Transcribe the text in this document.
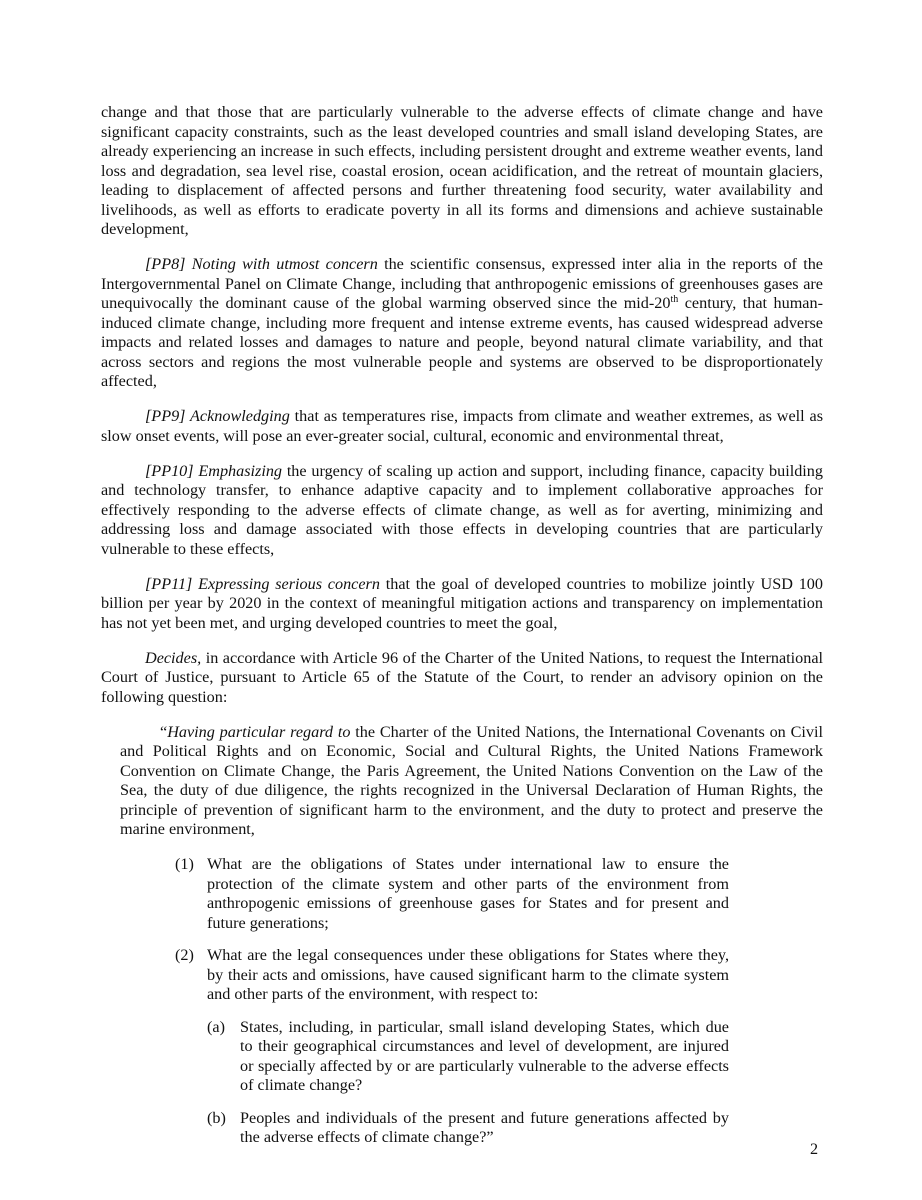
change and that those that are particularly vulnerable to the adverse effects of climate change and have significant capacity constraints, such as the least developed countries and small island developing States, are already experiencing an increase in such effects, including persistent drought and extreme weather events, land loss and degradation, sea level rise, coastal erosion, ocean acidification, and the retreat of mountain glaciers, leading to displacement of affected persons and further threatening food security, water availability and livelihoods, as well as efforts to eradicate poverty in all its forms and dimensions and achieve sustainable development,

[PP8] Noting with utmost concern the scientific consensus, expressed inter alia in the reports of the Intergovernmental Panel on Climate Change, including that anthropogenic emissions of greenhouses gases are unequivocally the dominant cause of the global warming observed since the mid-20th century, that human-induced climate change, including more frequent and intense extreme events, has caused widespread adverse impacts and related losses and damages to nature and people, beyond natural climate variability, and that across sectors and regions the most vulnerable people and systems are observed to be disproportionately affected,

[PP9] Acknowledging that as temperatures rise, impacts from climate and weather extremes, as well as slow onset events, will pose an ever-greater social, cultural, economic and environmental threat,

[PP10] Emphasizing the urgency of scaling up action and support, including finance, capacity building and technology transfer, to enhance adaptive capacity and to implement collaborative approaches for effectively responding to the adverse effects of climate change, as well as for averting, minimizing and addressing loss and damage associated with those effects in developing countries that are particularly vulnerable to these effects,

[PP11] Expressing serious concern that the goal of developed countries to mobilize jointly USD 100 billion per year by 2020 in the context of meaningful mitigation actions and transparency on implementation has not yet been met, and urging developed countries to meet the goal,

Decides, in accordance with Article 96 of the Charter of the United Nations, to request the International Court of Justice, pursuant to Article 65 of the Statute of the Court, to render an advisory opinion on the following question:

“Having particular regard to the Charter of the United Nations, the International Covenants on Civil and Political Rights and on Economic, Social and Cultural Rights, the United Nations Framework Convention on Climate Change, the Paris Agreement, the United Nations Convention on the Law of the Sea, the duty of due diligence, the rights recognized in the Universal Declaration of Human Rights, the principle of prevention of significant harm to the environment, and the duty to protect and preserve the marine environment,

(1) What are the obligations of States under international law to ensure the protection of the climate system and other parts of the environment from anthropogenic emissions of greenhouse gases for States and for present and future generations;
(2) What are the legal consequences under these obligations for States where they, by their acts and omissions, have caused significant harm to the climate system and other parts of the environment, with respect to:
(a) States, including, in particular, small island developing States, which due to their geographical circumstances and level of development, are injured or specially affected by or are particularly vulnerable to the adverse effects of climate change?
(b) Peoples and individuals of the present and future generations affected by the adverse effects of climate change?”
2
